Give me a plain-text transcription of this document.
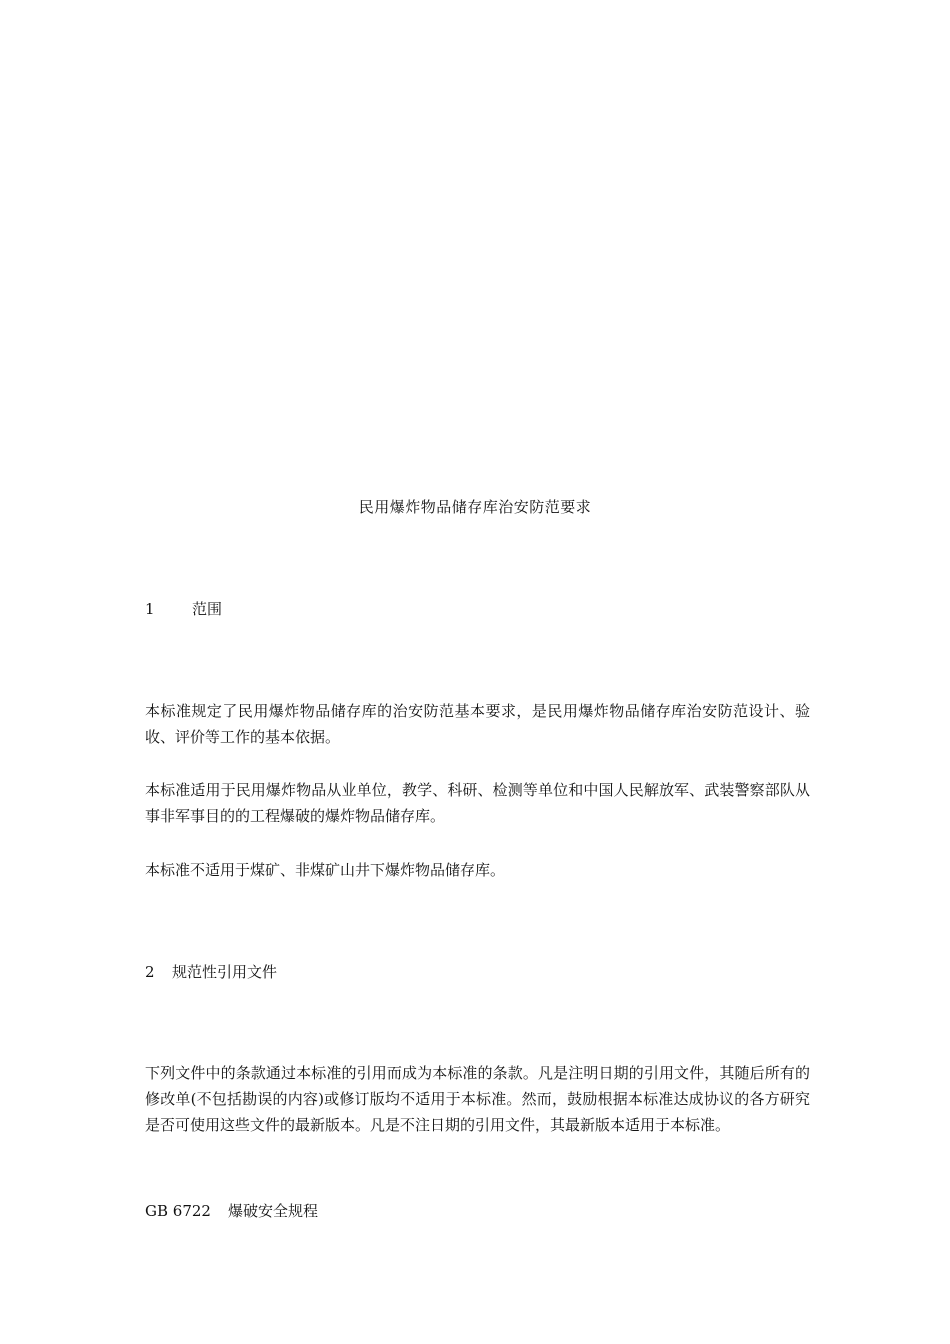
民用爆炸物品储存库治安防范要求
1 范围
本标准规定了民用爆炸物品储存库的治安防范基本要求，是民用爆炸物品储存库治安防范设计、验收、评价等工作的基本依据。
本标准适用于民用爆炸物品从业单位，教学、科研、检测等单位和中国人民解放军、武装警察部队从事非军事目的的工程爆破的爆炸物品储存库。
本标准不适用于煤矿、非煤矿山井下爆炸物品储存库。
2 规范性引用文件
下列文件中的条款通过本标准的引用而成为本标准的条款。凡是注明日期的引用文件，其随后所有的修改单(不包括勘误的内容)或修订版均不适用于本标准。然而，鼓励根据本标准达成协议的各方研究是否可使用这些文件的最新版本。凡是不注日期的引用文件，其最新版本适用于本标准。
GB 6722 爆破安全规程
